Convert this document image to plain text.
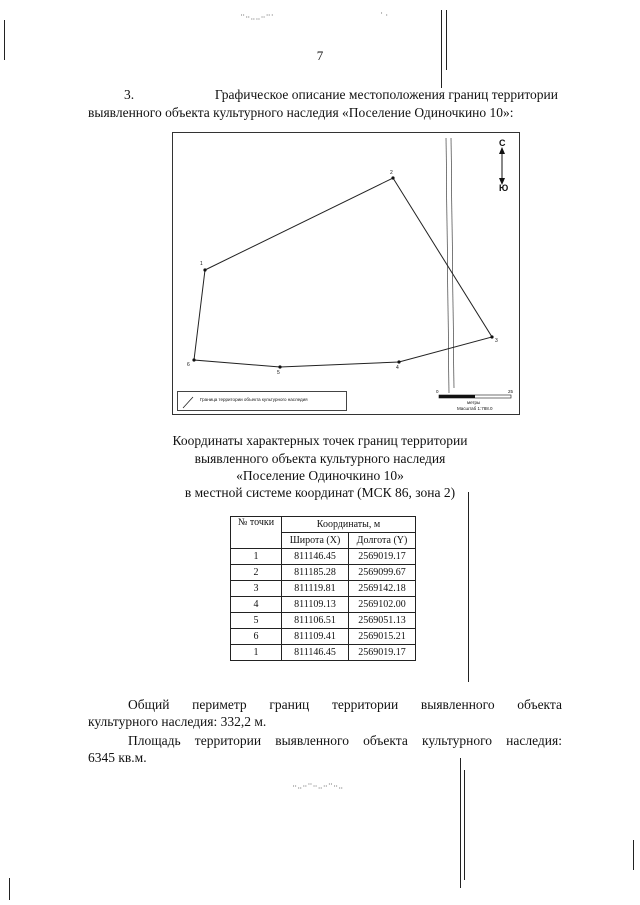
⠉⠒⠤⠤⠒⠉⠁	⠁⠂
⠒⠤⠒⠉⠒⠤⠒⠉⠒⠤
7
3.	Графическое описание местоположения границ территории
выявленного объекта культурного наследия «Поселение Одиночкино 10»:
С
Ю
1
2
3
4
5
6
0	25
метры
Масштаб 1:788.0
Граница территории объекта культурного наследия
Координаты характерных точек границ территории
выявленного объекта культурного наследия
«Поселение Одиночкино 10»
в местной системе координат (МСК 86, зона 2)
№ точки	Координаты, м	
	Широта (X)	Долгота (Y)
1	811146.45	2569019.17
2	811185.28	2569099.67
3	811119.81	2569142.18
4	811109.13	2569102.00
5	811106.51	2569051.13
6	811109.41	2569015.21
1	811146.45	2569019.17
Общий периметр границ территории выявленного объекта
культурного наследия: 332,2 м.
Площадь территории выявленного объекта культурного наследия:
6345 кв.м.
